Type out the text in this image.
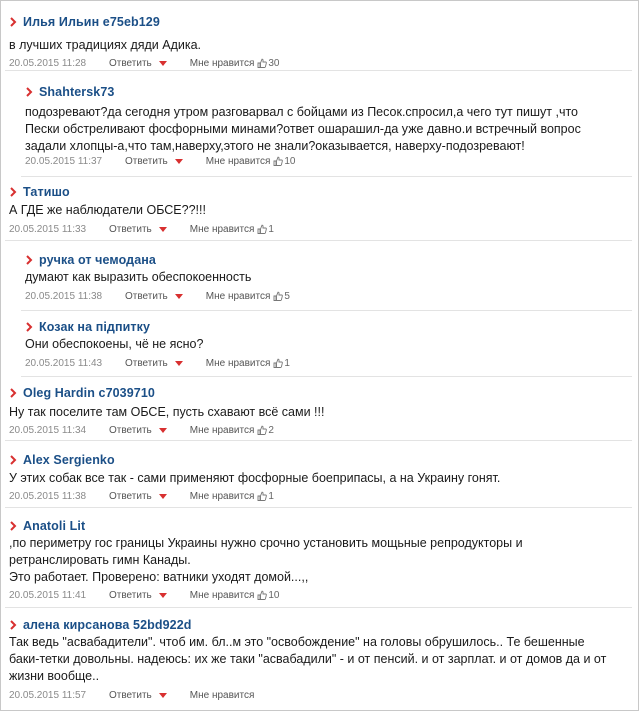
Илья Ильин e75eb129
в лучших традициях дяди Адика.
20.05.2015 11:28	Ответить	Мне нравится 30
Shahtersk73
подозревают?да сегодня утром разговарвал с бойцами из Песок.спросил,а чего тут пишут ,что
Пески обстреливают фосфорными минами?ответ ошарашил-да уже давно.и встречный вопрос
задали хлопцы-а,что там,наверху,этого не знали?оказывается, наверху-подозревают!
20.05.2015 11:37	Ответить	Мне нравится 10
Татишо
А ГДЕ же наблюдатели ОБСЕ??!!!
20.05.2015 11:33	Ответить	Мне нравится 1
ручка от чемодана
думают как выразить обеспокоенность
20.05.2015 11:38	Ответить	Мне нравится 5
Козак на підпитку
Они обеспокоены, чё не ясно?
20.05.2015 11:43	Ответить	Мне нравится 1
Oleg Hardin c7039710
Ну так поселите там ОБСЕ, пусть схавают всё сами !!!
20.05.2015 11:34	Ответить	Мне нравится 2
Alex Sergienko
У этих собак все так - сами применяют фосфорные боеприпасы, а на Украину гонят.
20.05.2015 11:38	Ответить	Мне нравится 1
Anatoli Lit
,по периметру гос границы Украины нужно срочно установить мощьные репродукторы и
ретранслировать гимн Канады.
Это работает. Проверено: ватники уходят домой...,,
20.05.2015 11:41	Ответить	Мне нравится 10
алена кирсанова 52bd922d
Так ведь "асвабадители". чтоб им. бл..м это "освобождение" на головы обрушилось.. Те бешенные
баки-тетки довольны. надеюсь: их же таки "асвабадили" - и от пенсий. и от зарплат. и от домов да и от
жизни вообще..
20.05.2015 11:57	Ответить	Мне нравится
